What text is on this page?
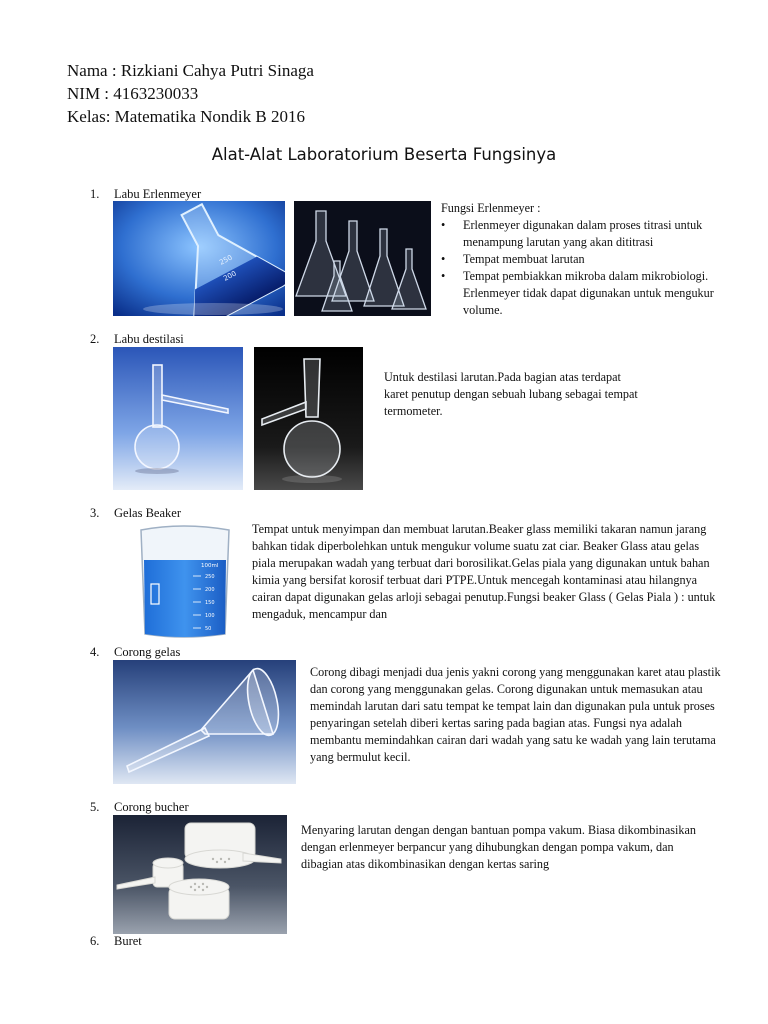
Nama : Rizkiani Cahya Putri Sinaga
NIM : 4163230033
Kelas: Matematika Nondik B 2016
Alat-Alat Laboratorium Beserta Fungsinya
1. Labu Erlenmeyer
250
200
Fungsi Erlenmeyer :
•	Erlenmeyer digunakan dalam proses titrasi untuk menampung larutan yang akan dititrasi
•	Tempat membuat larutan
•	Tempat pembiakkan mikroba dalam mikrobiologi. Erlenmeyer tidak dapat digunakan untuk mengukur volume.
2. Labu destilasi
Untuk destilasi larutan.Pada bagian atas terdapat karet penutup dengan sebuah lubang sebagai tempat termometer.
3. Gelas Beaker
100ml
250
200
150
100
50
Tempat untuk menyimpan dan membuat larutan.Beaker glass memiliki takaran namun jarang bahkan tidak diperbolehkan untuk mengukur volume suatu zat ciar. Beaker Glass atau gelas piala merupakan wadah yang terbuat dari borosilikat.Gelas piala yang digunakan untuk bahan kimia yang bersifat korosif terbuat dari PTPE.Untuk mencegah kontaminasi atau hilangnya cairan dapat digunakan gelas arloji sebagai penutup.Fungsi beaker Glass ( Gelas Piala ) : untuk mengaduk, mencampur dan
4. Corong gelas
Corong dibagi menjadi dua jenis yakni corong yang menggunakan karet atau plastik dan corong yang menggunakan gelas. Corong digunakan untuk memasukan atau memindah larutan dari satu tempat ke tempat lain dan digunakan pula untuk proses penyaringan setelah diberi kertas saring pada bagian atas. Fungsi nya adalah membantu memindahkan cairan dari wadah yang satu ke wadah yang lain terutama yang bermulut kecil.
5. Corong bucher
Menyaring larutan dengan dengan bantuan pompa vakum. Biasa dikombinasikan dengan erlenmeyer berpancur yang dihubungkan dengan pompa vakum, dan dibagian atas dikombinasikan dengan kertas saring
6. Buret
